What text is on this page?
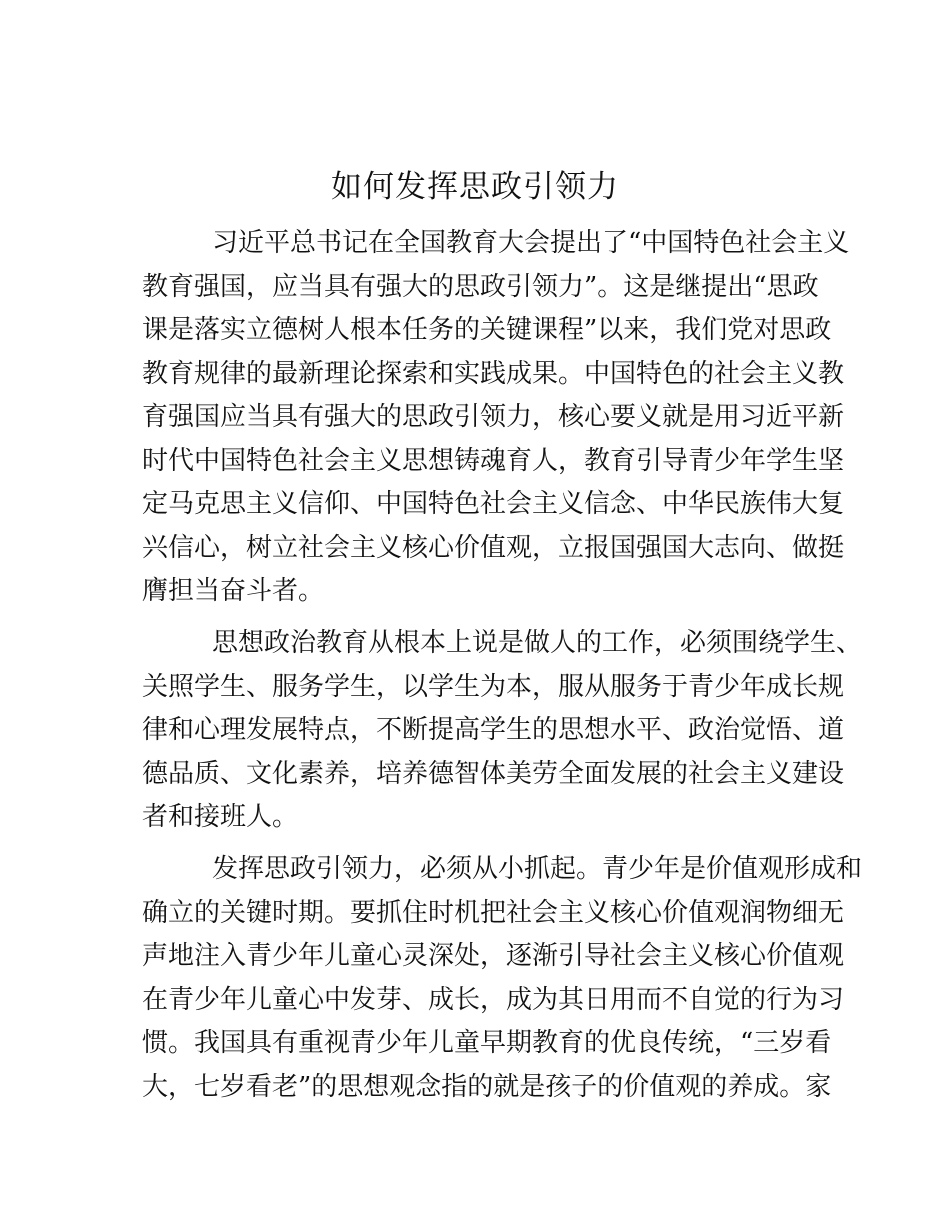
如何发挥思政引领力
习近平总书记在全国教育大会提出了“中国特色社会主义
教育强国，应当具有强大的思政引领力”。这是继提出“思政
课是落实立德树人根本任务的关键课程”以来，我们党对思政
教育规律的最新理论探索和实践成果。中国特色的社会主义教
育强国应当具有强大的思政引领力，核心要义就是用习近平新
时代中国特色社会主义思想铸魂育人，教育引导青少年学生坚
定马克思主义信仰、中国特色社会主义信念、中华民族伟大复
兴信心，树立社会主义核心价值观，立报国强国大志向、做挺
膺担当奋斗者。
思想政治教育从根本上说是做人的工作，必须围绕学生、
关照学生、服务学生，以学生为本，服从服务于青少年成长规
律和心理发展特点，不断提高学生的思想水平、政治觉悟、道
德品质、文化素养，培养德智体美劳全面发展的社会主义建设
者和接班人。
发挥思政引领力，必须从小抓起。青少年是价值观形成和
确立的关键时期。要抓住时机把社会主义核心价值观润物细无
声地注入青少年儿童心灵深处，逐渐引导社会主义核心价值观
在青少年儿童心中发芽、成长，成为其日用而不自觉的行为习
惯。我国具有重视青少年儿童早期教育的优良传统，“三岁看
大，七岁看老”的思想观念指的就是孩子的价值观的养成。家
